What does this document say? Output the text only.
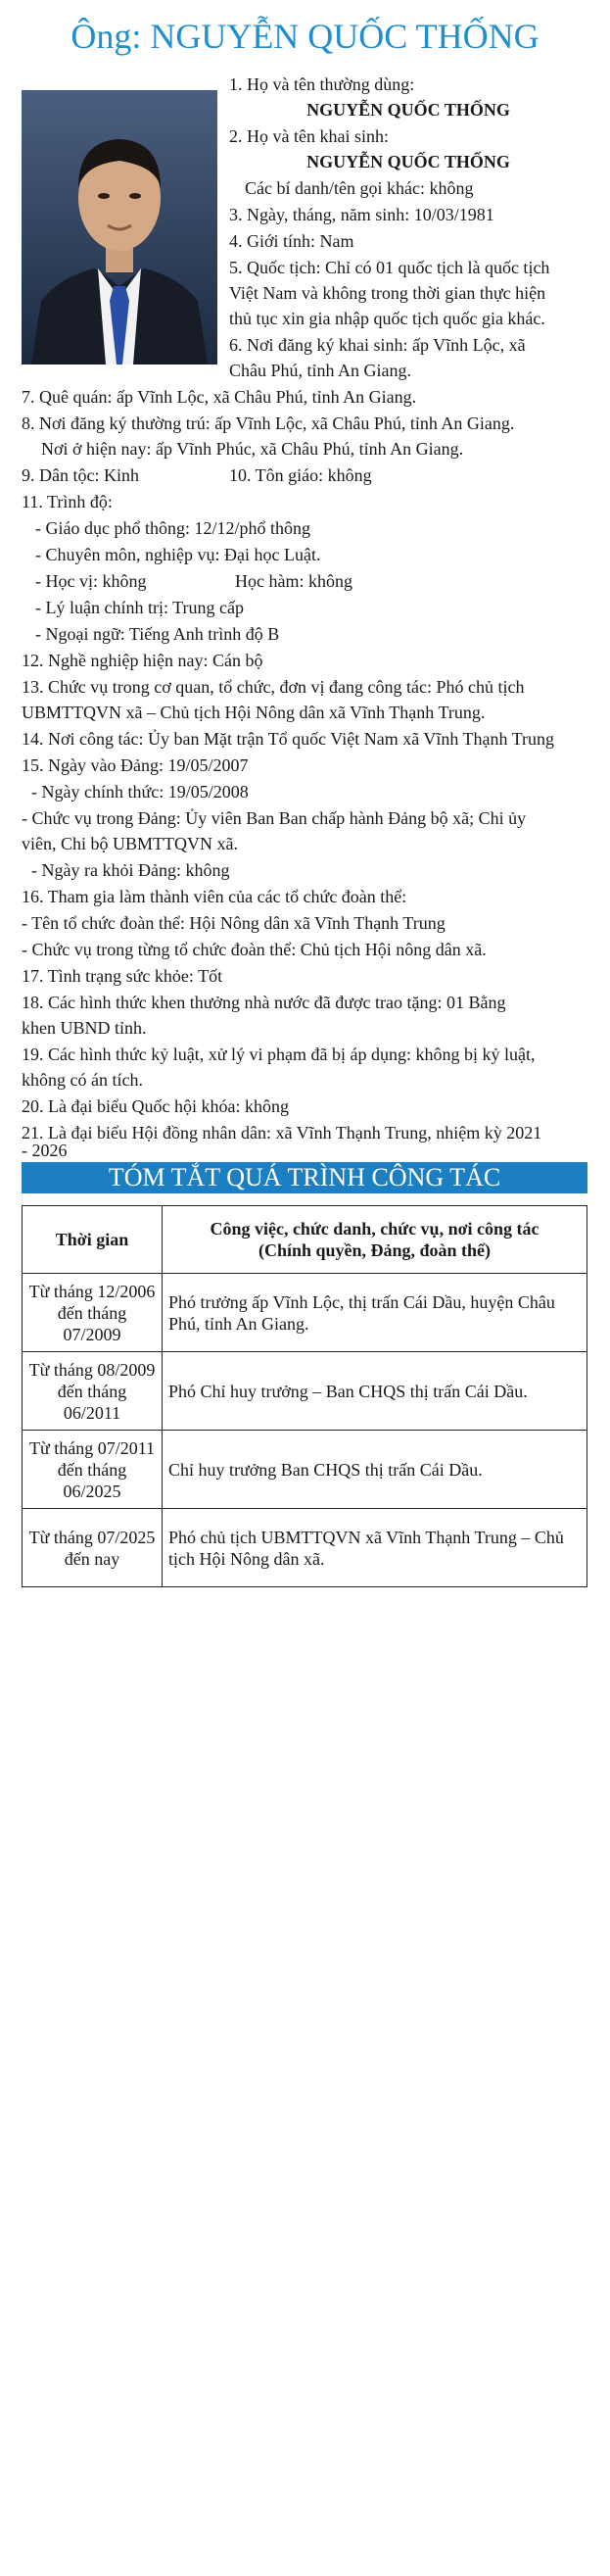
Ông: NGUYỄN QUỐC THỐNG
1. Họ và tên thường dùng:
NGUYỄN QUỐC THỐNG
2. Họ và tên khai sinh:
NGUYỄN QUỐC THỐNG
Các bí danh/tên gọi khác: không
3. Ngày, tháng, năm sinh: 10/03/1981
4. Giới tính: Nam
5. Quốc tịch: Chỉ có 01 quốc tịch là quốc tịch
Việt Nam và không trong thời gian thực hiện
thủ tục xin gia nhập quốc tịch quốc gia khác.
6. Nơi đăng ký khai sinh: ấp Vĩnh Lộc, xã
Châu Phú, tỉnh An Giang.
7. Quê quán: ấp Vĩnh Lộc, xã Châu Phú, tỉnh An Giang.
8. Nơi đăng ký thường trú: ấp Vĩnh Lộc, xã Châu Phú, tỉnh An Giang.
Nơi ở hiện nay: ấp Vĩnh Phúc, xã Châu Phú, tỉnh An Giang.
9. Dân tộc: Kinh	10. Tôn giáo: không
11. Trình độ:
- Giáo dục phổ thông: 12/12/phổ thông
- Chuyên môn, nghiệp vụ: Đại học Luật.
- Học vị: không	Học hàm: không
- Lý luận chính trị: Trung cấp
- Ngoại ngữ: Tiếng Anh trình độ B
12. Nghề nghiệp hiện nay: Cán bộ
13. Chức vụ trong cơ quan, tổ chức, đơn vị đang công tác: Phó chủ tịch
UBMTTQVN xã – Chủ tịch Hội Nông dân xã Vĩnh Thạnh Trung.
14. Nơi công tác: Ủy ban Mặt trận Tổ quốc Việt Nam xã Vĩnh Thạnh Trung
15. Ngày vào Đảng: 19/05/2007
- Ngày chính thức: 19/05/2008
- Chức vụ trong Đảng: Ủy viên Ban Ban chấp hành Đảng bộ xã; Chi ủy
viên, Chi bộ UBMTTQVN xã.
- Ngày ra khỏi Đảng: không
16. Tham gia làm thành viên của các tổ chức đoàn thể:
- Tên tổ chức đoàn thể: Hội Nông dân xã Vĩnh Thạnh Trung
- Chức vụ trong từng tổ chức đoàn thể: Chủ tịch Hội nông dân xã.
17. Tình trạng sức khỏe: Tốt
18. Các hình thức khen thưởng nhà nước đã được trao tặng: 01 Bằng
khen UBND tỉnh.
19. Các hình thức kỷ luật, xử lý vi phạm đã bị áp dụng: không bị kỷ luật,
không có án tích.
20. Là đại biểu Quốc hội khóa: không
21. Là đại biểu Hội đồng nhân dân: xã Vĩnh Thạnh Trung, nhiệm kỳ 2021
- 2026
TÓM TẮT QUÁ TRÌNH CÔNG TÁC
Thời gian	Công việc, chức danh, chức vụ, nơi công tác
(Chính quyền, Đảng, đoàn thể)

Từ tháng 12/2006 đến tháng 07/2009	Phó trưởng ấp Vĩnh Lộc, thị trấn Cái Dầu, huyện Châu Phú, tỉnh An Giang.
Từ tháng 08/2009 đến tháng 06/2011	Phó Chỉ huy trưởng – Ban CHQS thị trấn Cái Dầu.
Từ tháng 07/2011 đến tháng 06/2025	Chỉ huy trưởng Ban CHQS thị trấn Cái Dầu.
Từ tháng 07/2025 đến nay	Phó chủ tịch UBMTTQVN xã Vĩnh Thạnh Trung – Chủ tịch Hội Nông dân xã.
